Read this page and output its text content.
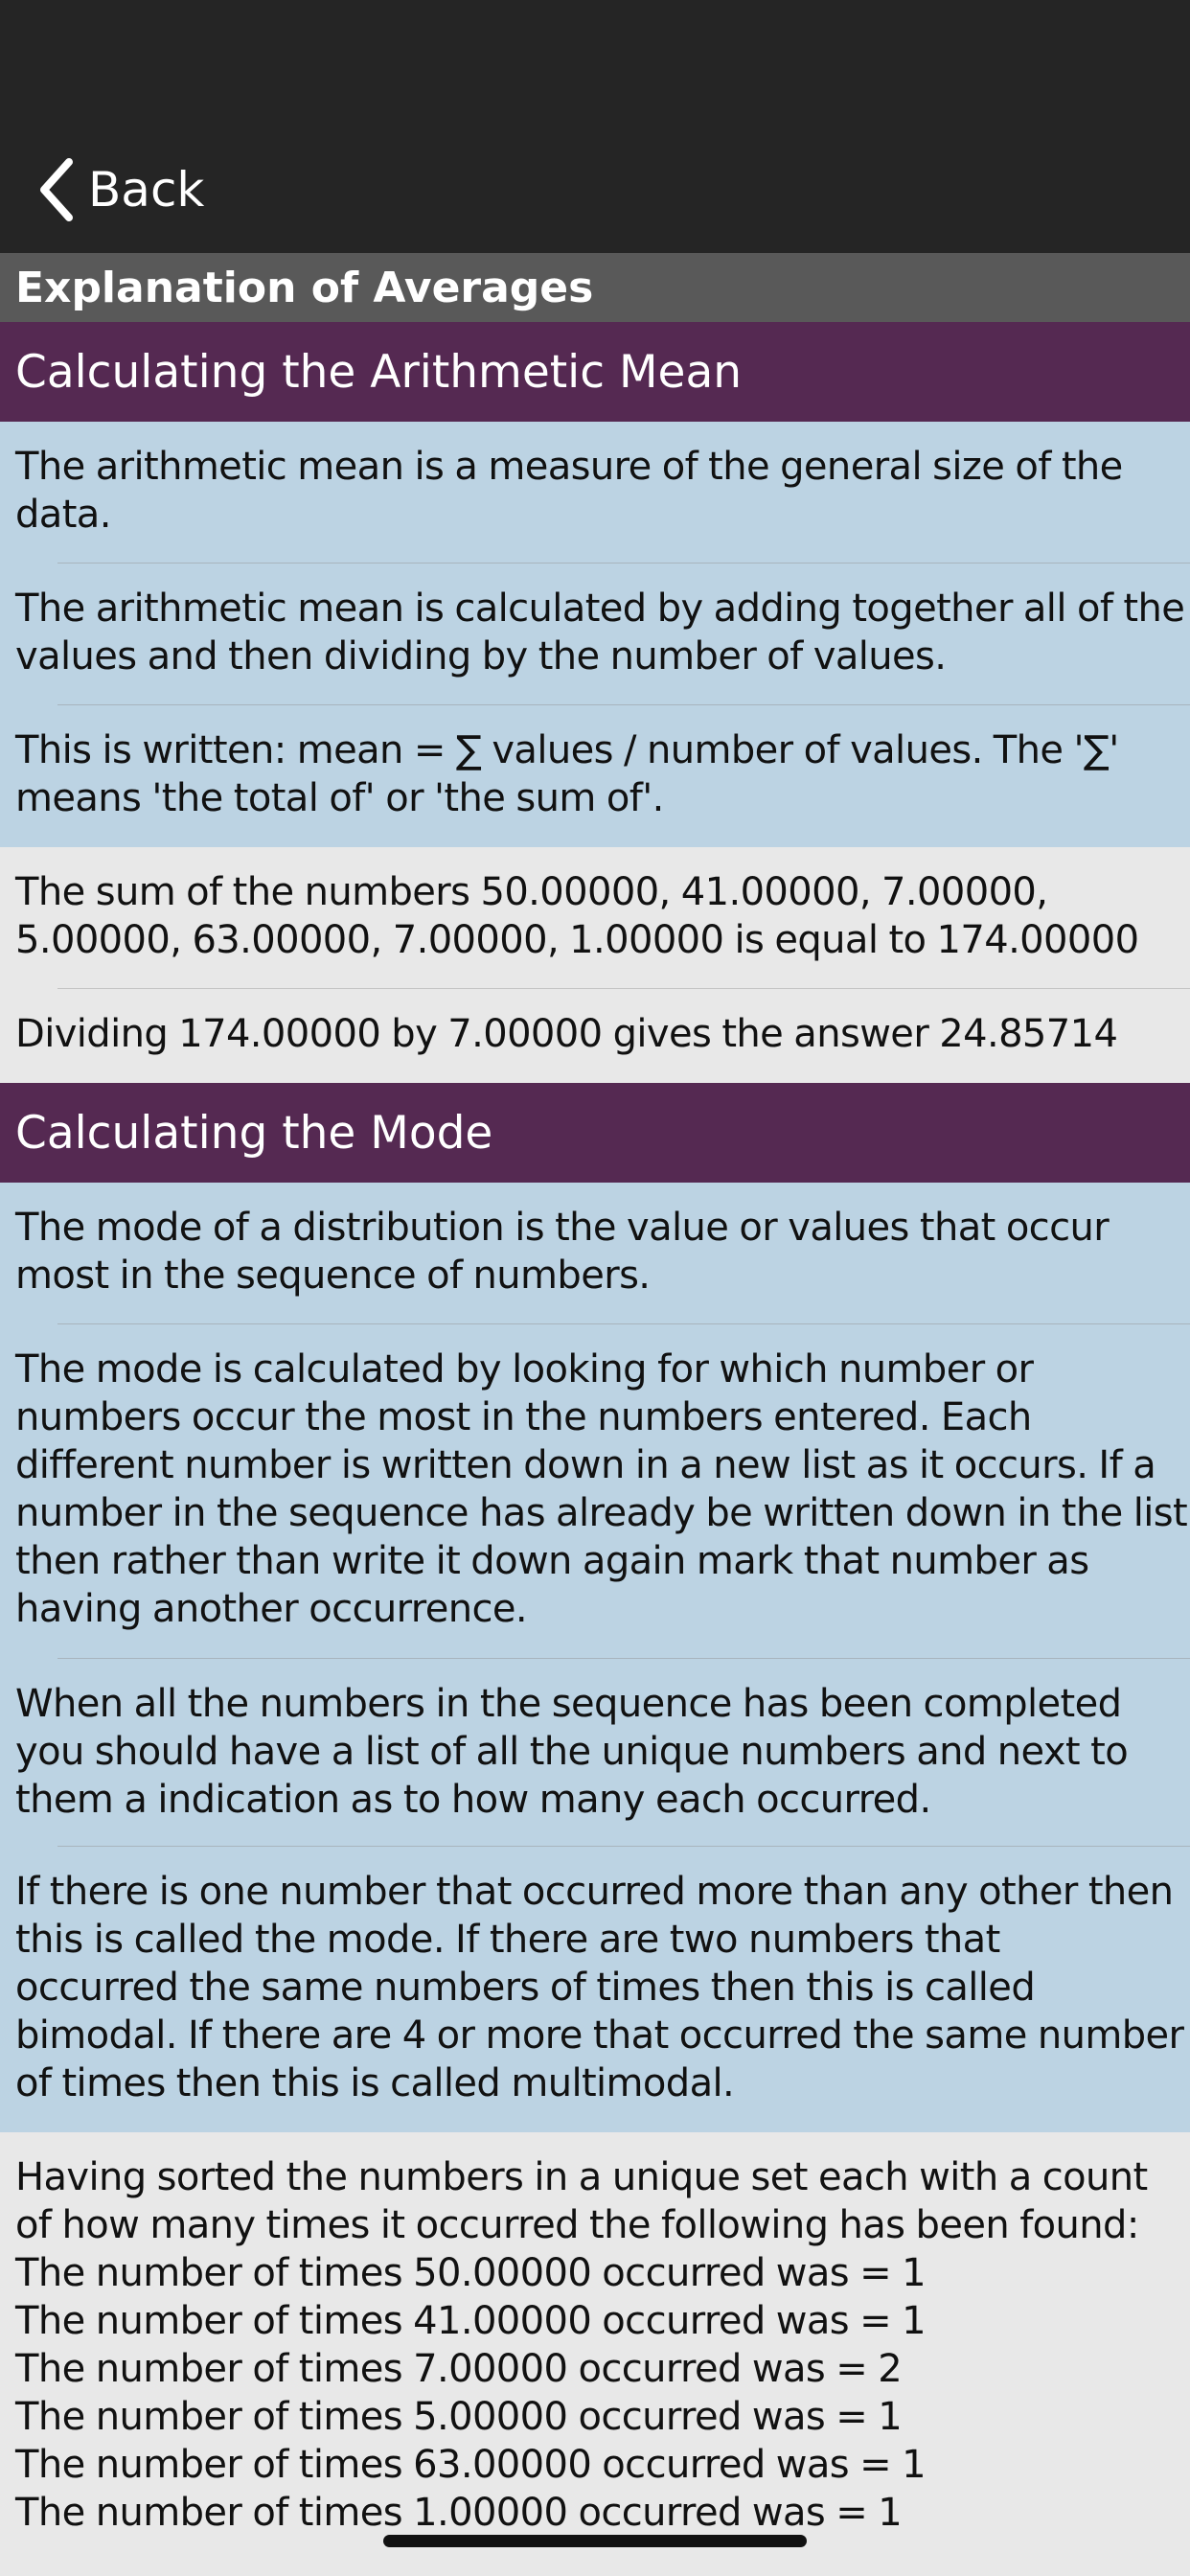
Back
Explanation of Averages
Calculating the Arithmetic Mean
The arithmetic mean is a measure of the general size of the
data.
The arithmetic mean is calculated by adding together all of the
values and then dividing by the number of values.
This is written: mean = ∑ values / number of values. The '∑'
means 'the total of' or 'the sum of'.
The sum of the numbers 50.00000, 41.00000, 7.00000,
5.00000, 63.00000, 7.00000, 1.00000 is equal to 174.00000
Dividing 174.00000 by 7.00000 gives the answer 24.85714
Calculating the Mode
The mode of a distribution is the value or values that occur
most in the sequence of numbers.
The mode is calculated by looking for which number or
numbers occur the most in the numbers entered. Each
different number is written down in a new list as it occurs. If a
number in the sequence has already be written down in the list
then rather than write it down again mark that number as
having another occurrence.
When all the numbers in the sequence has been completed
you should have a list of all the unique numbers and next to
them a indication as to how many each occurred.
If there is one number that occurred more than any other then
this is called the mode. If there are two numbers that
occurred the same numbers of times then this is called
bimodal. If there are 4 or more that occurred the same number
of times then this is called multimodal.
Having sorted the numbers in a unique set each with a count
of how many times it occurred the following has been found:
The number of times 50.00000 occurred was = 1
The number of times 41.00000 occurred was = 1
The number of times 7.00000 occurred was = 2
The number of times 5.00000 occurred was = 1
The number of times 63.00000 occurred was = 1
The number of times 1.00000 occurred was = 1
